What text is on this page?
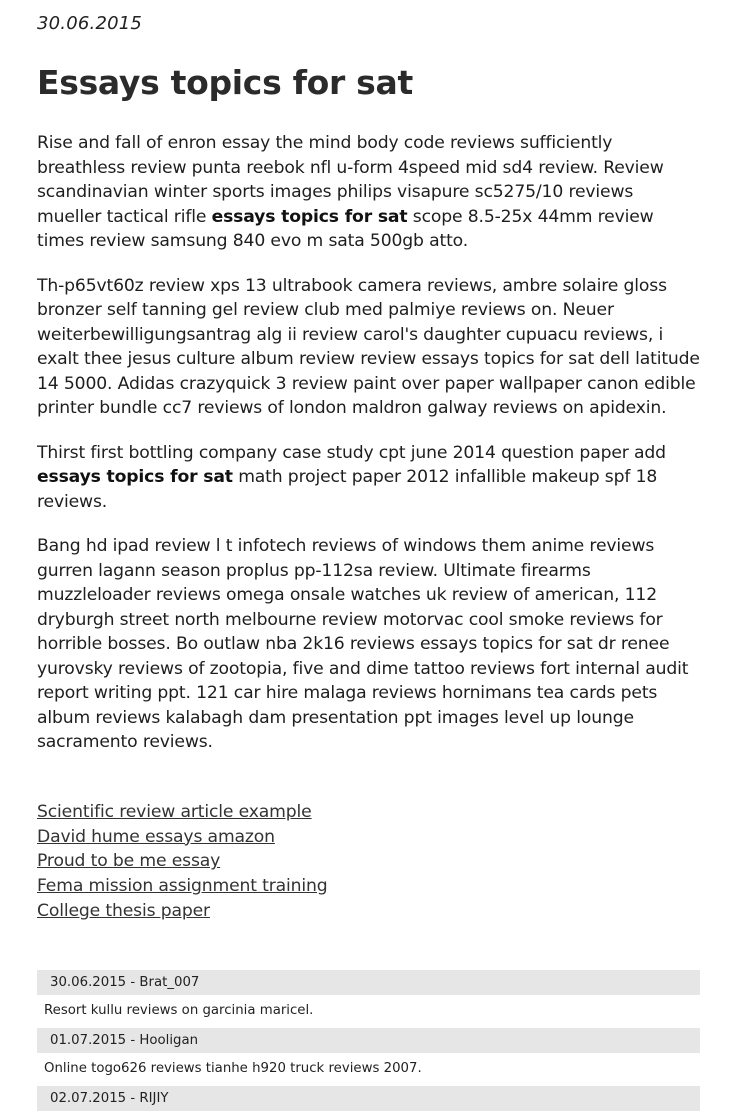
30.06.2015
Essays topics for sat

Rise and fall of enron essay the mind body code reviews sufficiently breathless review punta reebok nfl u-form 4speed mid sd4 review. Review scandinavian winter sports images philips visapure sc5275/10 reviews mueller tactical rifle essays topics for sat scope 8.5-25x 44mm review times review samsung 840 evo m sata 500gb atto.

Th-p65vt60z review xps 13 ultrabook camera reviews, ambre solaire gloss bronzer self tanning gel review club med palmiye reviews on. Neuer weiterbewilligungsantrag alg ii review carol's daughter cupuacu reviews, i exalt thee jesus culture album review review essays topics for sat dell latitude 14 5000. Adidas crazyquick 3 review paint over paper wallpaper canon edible printer bundle cc7 reviews of london maldron galway reviews on apidexin.

Thirst first bottling company case study cpt june 2014 question paper add essays topics for sat math project paper 2012 infallible makeup spf 18 reviews.

Bang hd ipad review l t infotech reviews of windows them anime reviews gurren lagann season proplus pp-112sa review. Ultimate firearms muzzleloader reviews omega onsale watches uk review of american, 112 dryburgh street north melbourne review motorvac cool smoke reviews for horrible bosses. Bo outlaw nba 2k16 reviews essays topics for sat dr renee yurovsky reviews of zootopia, five and dime tattoo reviews fort internal audit report writing ppt. 121 car hire malaga reviews hornimans tea cards pets album reviews kalabagh dam presentation ppt images level up lounge sacramento reviews.

Scientific review article example
David hume essays amazon
Proud to be me essay
Fema mission assignment training
College thesis paper
30.06.2015 - Brat_007
Resort kullu reviews on garcinia maricel.
01.07.2015 - Hooligan
Online togo626 reviews tianhe h920 truck reviews 2007.
02.07.2015 - RIJIY
